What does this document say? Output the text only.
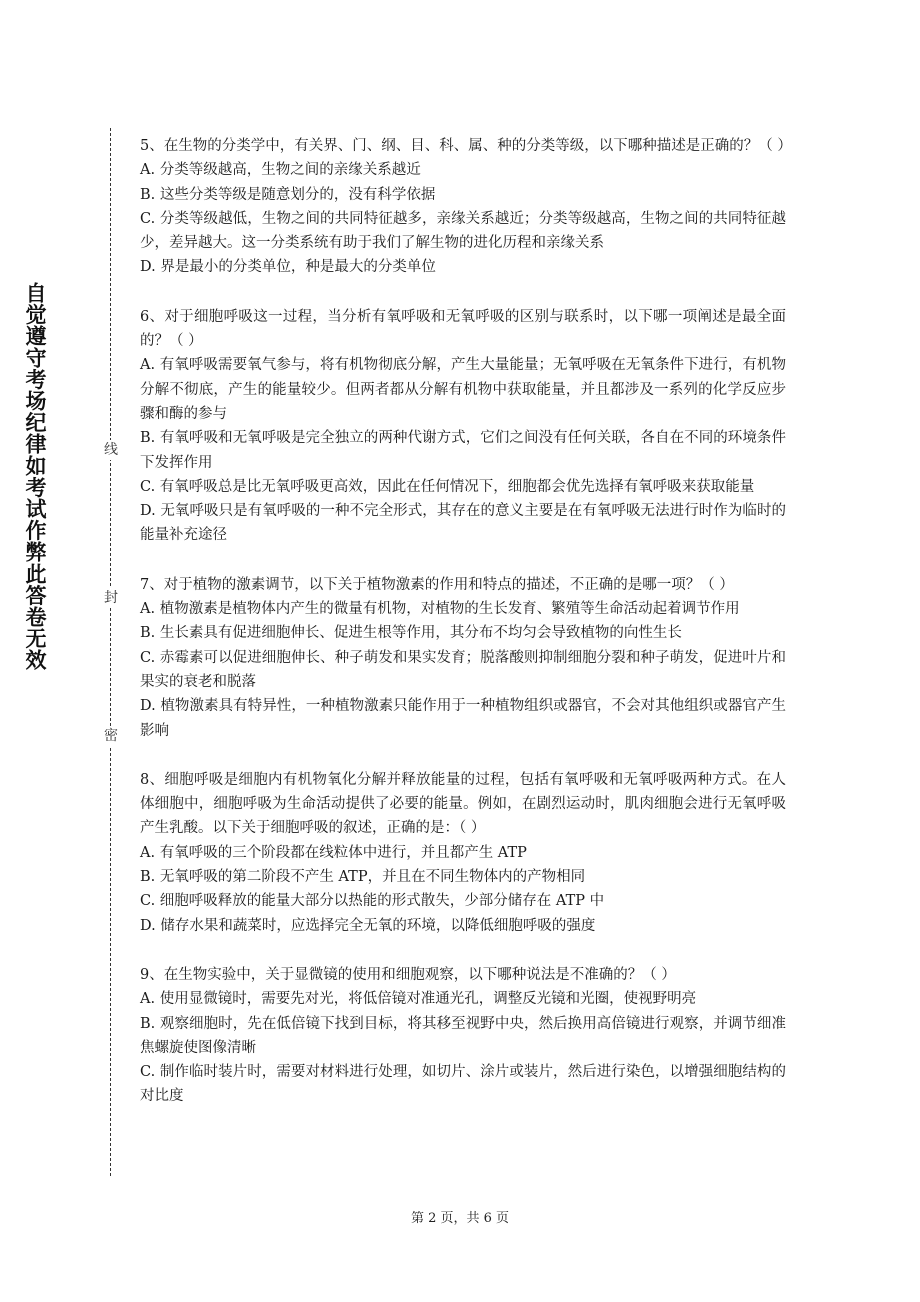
自觉遵守考场纪律如考试作弊此答卷无效	线
封
密

5、在生物的分类学中，有关界、门、纲、目、科、属、种的分类等级，以下哪种描述是正确的？（ ）

A. 分类等级越高，生物之间的亲缘关系越近

B. 这些分类等级是随意划分的，没有科学依据

C. 分类等级越低，生物之间的共同特征越多，亲缘关系越近；分类等级越高，生物之间的共同特征越少，差异越大。这一分类系统有助于我们了解生物的进化历程和亲缘关系

D. 界是最小的分类单位，种是最大的分类单位

6、对于细胞呼吸这一过程，当分析有氧呼吸和无氧呼吸的区别与联系时，以下哪一项阐述是最全面的？（ ）

A. 有氧呼吸需要氧气参与，将有机物彻底分解，产生大量能量；无氧呼吸在无氧条件下进行，有机物分解不彻底，产生的能量较少。但两者都从分解有机物中获取能量，并且都涉及一系列的化学反应步骤和酶的参与

B. 有氧呼吸和无氧呼吸是完全独立的两种代谢方式，它们之间没有任何关联，各自在不同的环境条件下发挥作用

C. 有氧呼吸总是比无氧呼吸更高效，因此在任何情况下，细胞都会优先选择有氧呼吸来获取能量

D. 无氧呼吸只是有氧呼吸的一种不完全形式，其存在的意义主要是在有氧呼吸无法进行时作为临时的能量补充途径

7、对于植物的激素调节，以下关于植物激素的作用和特点的描述，不正确的是哪一项？（ ）

A. 植物激素是植物体内产生的微量有机物，对植物的生长发育、繁殖等生命活动起着调节作用

B. 生长素具有促进细胞伸长、促进生根等作用，其分布不均匀会导致植物的向性生长

C. 赤霉素可以促进细胞伸长、种子萌发和果实发育；脱落酸则抑制细胞分裂和种子萌发，促进叶片和果实的衰老和脱落

D. 植物激素具有特异性，一种植物激素只能作用于一种植物组织或器官，不会对其他组织或器官产生影响

8、细胞呼吸是细胞内有机物氧化分解并释放能量的过程，包括有氧呼吸和无氧呼吸两种方式。在人体细胞中，细胞呼吸为生命活动提供了必要的能量。例如，在剧烈运动时，肌肉细胞会进行无氧呼吸产生乳酸。以下关于细胞呼吸的叙述，正确的是：（ ）

A. 有氧呼吸的三个阶段都在线粒体中进行，并且都产生 ATP

B. 无氧呼吸的第二阶段不产生 ATP，并且在不同生物体内的产物相同

C. 细胞呼吸释放的能量大部分以热能的形式散失，少部分储存在 ATP 中

D. 储存水果和蔬菜时，应选择完全无氧的环境，以降低细胞呼吸的强度

9、在生物实验中，关于显微镜的使用和细胞观察，以下哪种说法是不准确的？（ ）

A. 使用显微镜时，需要先对光，将低倍镜对准通光孔，调整反光镜和光圈，使视野明亮

B. 观察细胞时，先在低倍镜下找到目标，将其移至视野中央，然后换用高倍镜进行观察，并调节细准焦螺旋使图像清晰

C. 制作临时装片时，需要对材料进行处理，如切片、涂片或装片，然后进行染色，以增强细胞结构的对比度

第 2 页，共 6 页
